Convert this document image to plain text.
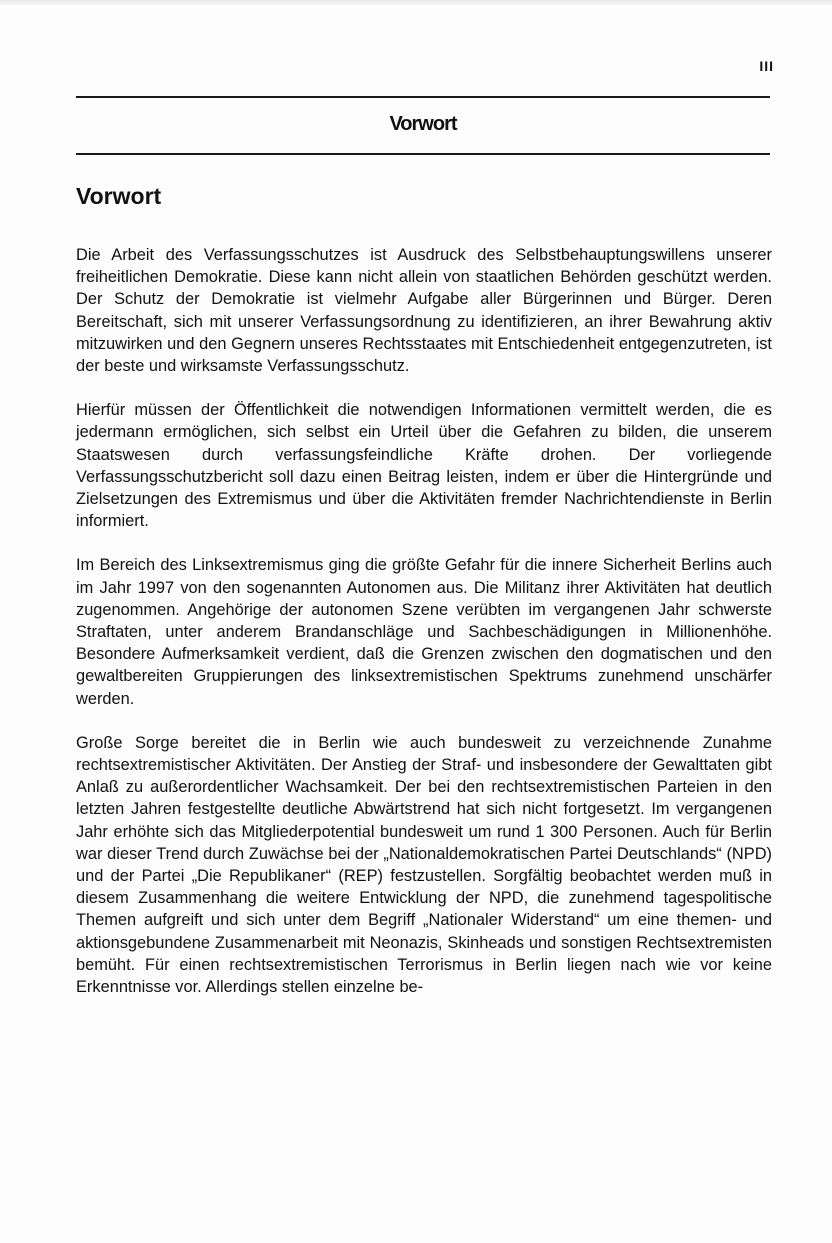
III
Vorwort
Vorwort

Die Arbeit des Verfassungsschutzes ist Ausdruck des Selbstbehauptungswillens unserer freiheitlichen Demokratie. Diese kann nicht allein von staatlichen Behörden geschützt werden. Der Schutz der Demokratie ist vielmehr Aufgabe aller Bürgerinnen und Bürger. Deren Bereitschaft, sich mit unserer Verfassungsordnung zu identifizieren, an ihrer Bewahrung aktiv mitzuwirken und den Gegnern unseres Rechtsstaates mit Entschiedenheit entgegenzutreten, ist der beste und wirksamste Verfassungsschutz.

Hierfür müssen der Öffentlichkeit die notwendigen Informationen vermittelt werden, die es jedermann ermöglichen, sich selbst ein Urteil über die Gefahren zu bilden, die unserem Staatswesen durch verfassungsfeindliche Kräfte drohen. Der vorliegende Verfassungsschutzbericht soll dazu einen Beitrag leisten, indem er über die Hintergründe und Zielsetzungen des Extremismus und über die Aktivitäten fremder Nachrichtendienste in Berlin informiert.

Im Bereich des Linksextremismus ging die größte Gefahr für die innere Sicherheit Berlins auch im Jahr 1997 von den sogenannten Autonomen aus. Die Militanz ihrer Aktivitäten hat deutlich zugenommen. Angehörige der autonomen Szene verübten im vergangenen Jahr schwerste Straftaten, unter anderem Brandanschläge und Sachbeschädigungen in Millionenhöhe. Besondere Aufmerksamkeit verdient, daß die Grenzen zwischen den dogmatischen und den gewaltbereiten Gruppierungen des linksextremistischen Spektrums zunehmend unschärfer werden.

Große Sorge bereitet die in Berlin wie auch bundesweit zu verzeichnende Zunahme rechtsextremistischer Aktivitäten. Der Anstieg der Straf- und insbesondere der Gewalttaten gibt Anlaß zu außerordentlicher Wachsamkeit. Der bei den rechtsextremistischen Parteien in den letzten Jahren festgestellte deutliche Abwärtstrend hat sich nicht fortgesetzt. Im vergangenen Jahr erhöhte sich das Mitgliederpotential bundesweit um rund 1 300 Personen. Auch für Berlin war dieser Trend durch Zuwächse bei der „Nationaldemokratischen Partei Deutschlands“ (NPD) und der Partei „Die Republikaner“ (REP) festzustellen. Sorgfältig beobachtet werden muß in diesem Zusammenhang die weitere Entwicklung der NPD, die zunehmend tagespolitische Themen aufgreift und sich unter dem Begriff „Nationaler Widerstand“ um eine themen- und aktionsgebundene Zusammenarbeit mit Neonazis, Skinheads und sonstigen Rechtsextremisten bemüht. Für einen rechtsextremistischen Terrorismus in Berlin liegen nach wie vor keine Erkenntnisse vor. Allerdings stellen einzelne be-
